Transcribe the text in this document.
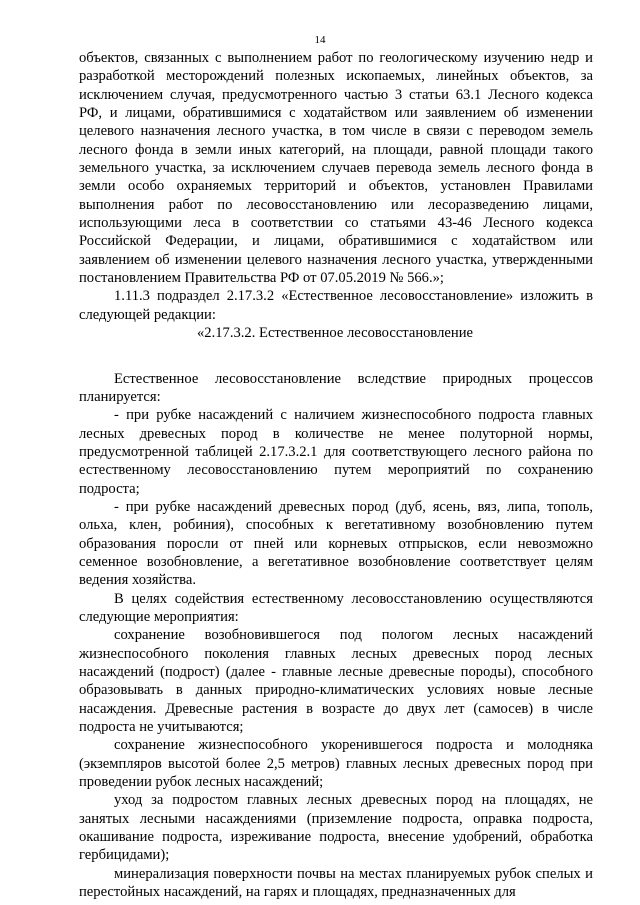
14

объектов, связанных с выполнением работ по геологическому изучению недр и разработкой месторождений полезных ископаемых, линейных объектов, за исключением случая, предусмотренного частью 3 статьи 63.1 Лесного кодекса РФ, и лицами, обратившимися с ходатайством или заявлением об изменении целевого назначения лесного участка, в том числе в связи с переводом земель лесного фонда в земли иных категорий, на площади, равной площади такого земельного участка, за исключением случаев перевода земель лесного фонда в земли особо охраняемых территорий и объектов, установлен Правилами выполнения работ по лесовосстановлению или лесоразведению лицами, использующими леса в соответствии со статьями 43-46 Лесного кодекса Российской Федерации, и лицами, обратившимися с ходатайством или заявлением об изменении целевого назначения лесного участка, утвержденными постановлением Правительства РФ от 07.05.2019 № 566.»;

1.11.3 подраздел 2.17.3.2 «Естественное лесовосстановление» изложить в следующей редакции:

«2.17.3.2. Естественное лесовосстановление

Естественное лесовосстановление вследствие природных процессов планируется:

- при рубке насаждений с наличием жизнеспособного подроста главных лесных древесных пород в количестве не менее полуторной нормы, предусмотренной таблицей 2.17.3.2.1 для соответствующего лесного района по естественному лесовосстановлению путем мероприятий по сохранению подроста;

- при рубке насаждений древесных пород (дуб, ясень, вяз, липа, тополь, ольха, клен, робиния), способных к вегетативному возобновлению путем образования поросли от пней или корневых отпрысков, если невозможно семенное возобновление, а вегетативное возобновление соответствует целям ведения хозяйства.

В целях содействия естественному лесовосстановлению осуществляются следующие мероприятия:

сохранение возобновившегося под пологом лесных насаждений жизнеспособного поколения главных лесных древесных пород лесных насаждений (подрост) (далее - главные лесные древесные породы), способного образовывать в данных природно-климатических условиях новые лесные насаждения. Древесные растения в возрасте до двух лет (самосев) в числе подроста не учитываются;

сохранение жизнеспособного укоренившегося подроста и молодняка (экземпляров высотой более 2,5 метров) главных лесных древесных пород при проведении рубок лесных насаждений;

уход за подростом главных лесных древесных пород на площадях, не занятых лесными насаждениями (приземление подроста, оправка подроста, окашивание подроста, изреживание подроста, внесение удобрений, обработка гербицидами);

минерализация поверхности почвы на местах планируемых рубок спелых и перестойных насаждений, на гарях и площадях, предназначенных для
